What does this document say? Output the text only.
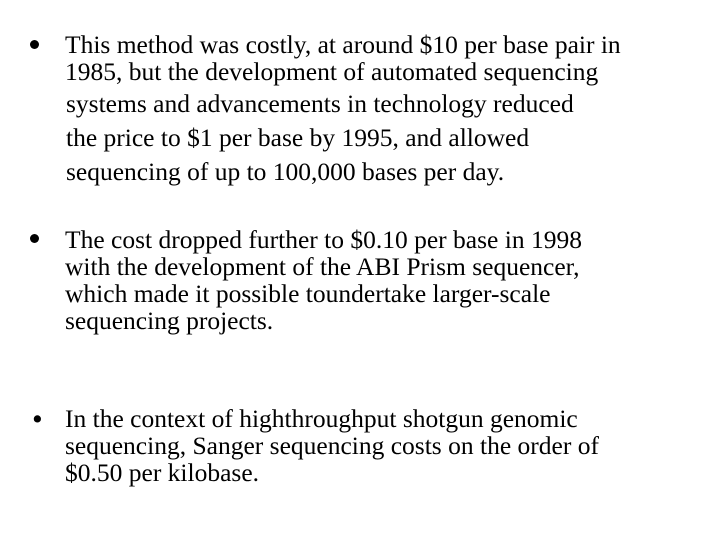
This method was costly, at around $10 per base pair in
1985, but the development of automated sequencing
systems and advancements in technology reduced
the price to $1 per base by 1995, and allowed
sequencing of up to 100,000 bases per day.
The cost dropped further to $0.10 per base in 1998
with the development of the ABI Prism sequencer,
which made it possible toundertake larger-scale
sequencing projects.
• In the context of highthroughput shotgun genomic
sequencing, Sanger sequencing costs on the order of
$0.50 per kilobase.
